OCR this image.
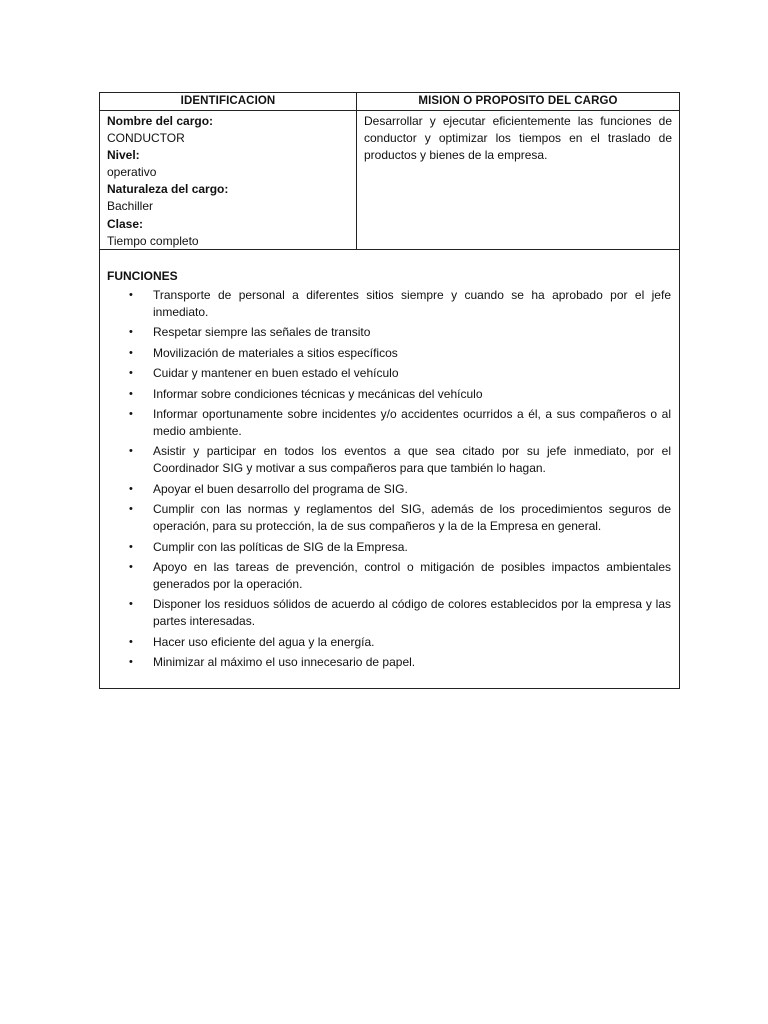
IDENTIFICACION
Nombre del cargo:
CONDUCTOR
Nivel:
operativo
Naturaleza del cargo:
Bachiller
Clase:
Tiempo completo
MISION O PROPOSITO DEL CARGO
Desarrollar y ejecutar eficientemente las funciones de conductor y optimizar los tiempos en el traslado de productos y bienes de la empresa.
FUNCIONES
• Transporte de personal a diferentes sitios siempre y cuando se ha aprobado por el jefe inmediato.
• Respetar siempre las señales de transito
• Movilización de materiales a sitios específicos
• Cuidar y mantener en buen estado el vehículo
• Informar sobre condiciones técnicas y mecánicas del vehículo
• Informar oportunamente sobre incidentes y/o accidentes ocurridos a él, a sus compañeros o al medio ambiente.
• Asistir y participar en todos los eventos a que sea citado por su jefe inmediato, por el Coordinador SIG y motivar a sus compañeros para que también lo hagan.
• Apoyar el buen desarrollo del programa de SIG.
• Cumplir con las normas y reglamentos del SIG, además de los procedimientos seguros de operación, para su protección, la de sus compañeros y la de la Empresa en general.
• Cumplir con las políticas de SIG de la Empresa.
• Apoyo en las tareas de prevención, control o mitigación de posibles impactos ambientales generados por la operación.
• Disponer los residuos sólidos de acuerdo al código de colores establecidos por la empresa y las partes interesadas.
• Hacer uso eficiente del agua y la energía.
• Minimizar al máximo el uso innecesario de papel.
